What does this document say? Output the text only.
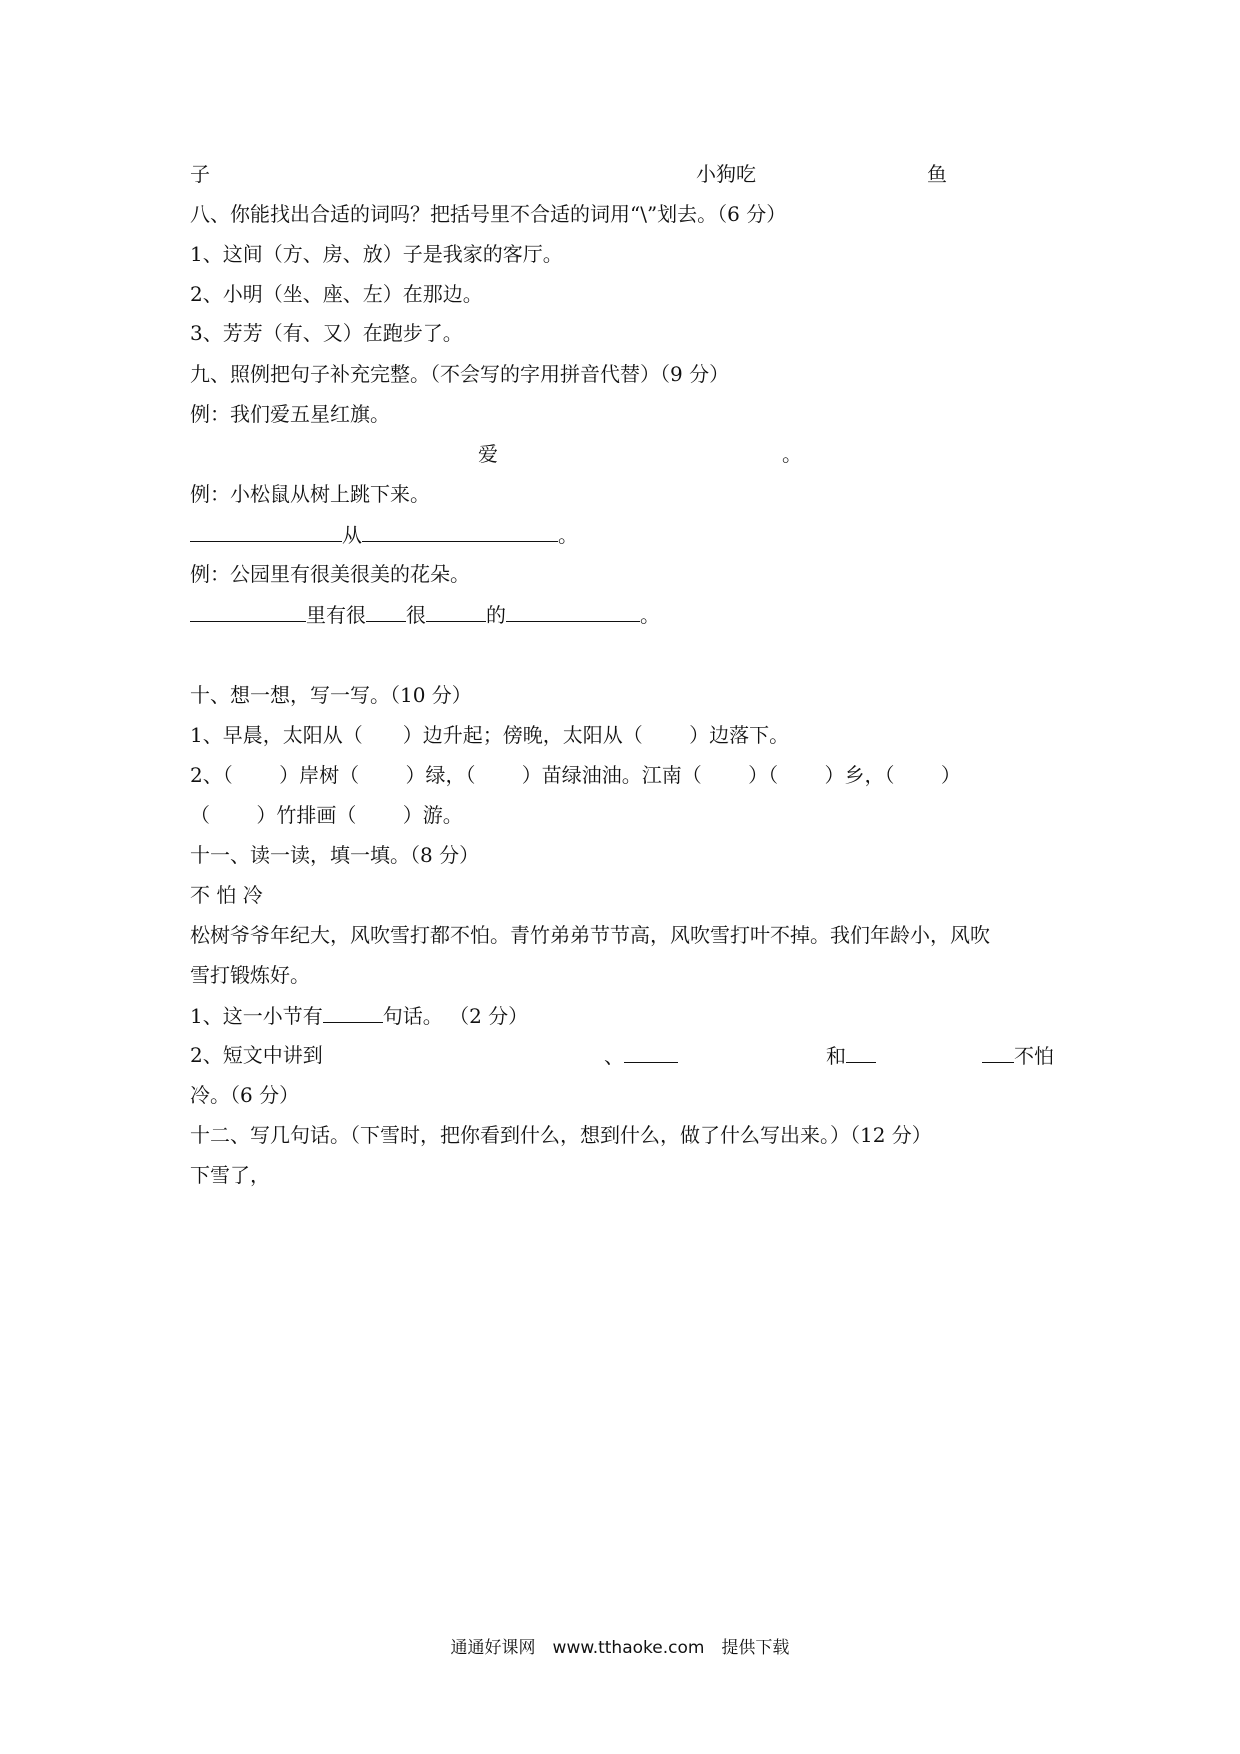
子	小狗吃	鱼
八、你能找出合适的词吗？把括号里不合适的词用“\”划去。（6 分）
1、这间（方、房、放）子是我家的客厅。
2、小明（坐、座、左）在那边。
3、芳芳（有、又）在跑步了。
九、照例把句子补充完整。（不会写的字用拼音代替）（9 分）
例：我们爱五星红旗。
爱	。
例：小松鼠从树上跳下来。
从	。
例：公园里有很美很美的花朵。
里有很 很	的	。
十、想一想，写一写。（10 分）
1、早晨，太阳从（　　）边升起；傍晚，太阳从（　　 ）边落下。
2、（　　 ）岸树（　　 ）绿，（　　 ）苗绿油油。江南（　　 ）（　　 ）乡，（　　 ）
（　　 ）竹排画（　　 ）游。
十一、读一读，填一填。（8 分）
不 怕 冷
松树爷爷年纪大，风吹雪打都不怕。青竹弟弟节节高，风吹雪打叶不掉。我们年龄小，风吹
雪打锻炼好。
1、这一小节有	句话。 （2 分）
2、短文中讲到	、	和	不怕
冷。（6 分）
十二、写几句话。（下雪时，把你看到什么，想到什么，做了什么写出来。）（12 分）
下雪了，
通通好课网　www.tthaoke.com　提供下载
